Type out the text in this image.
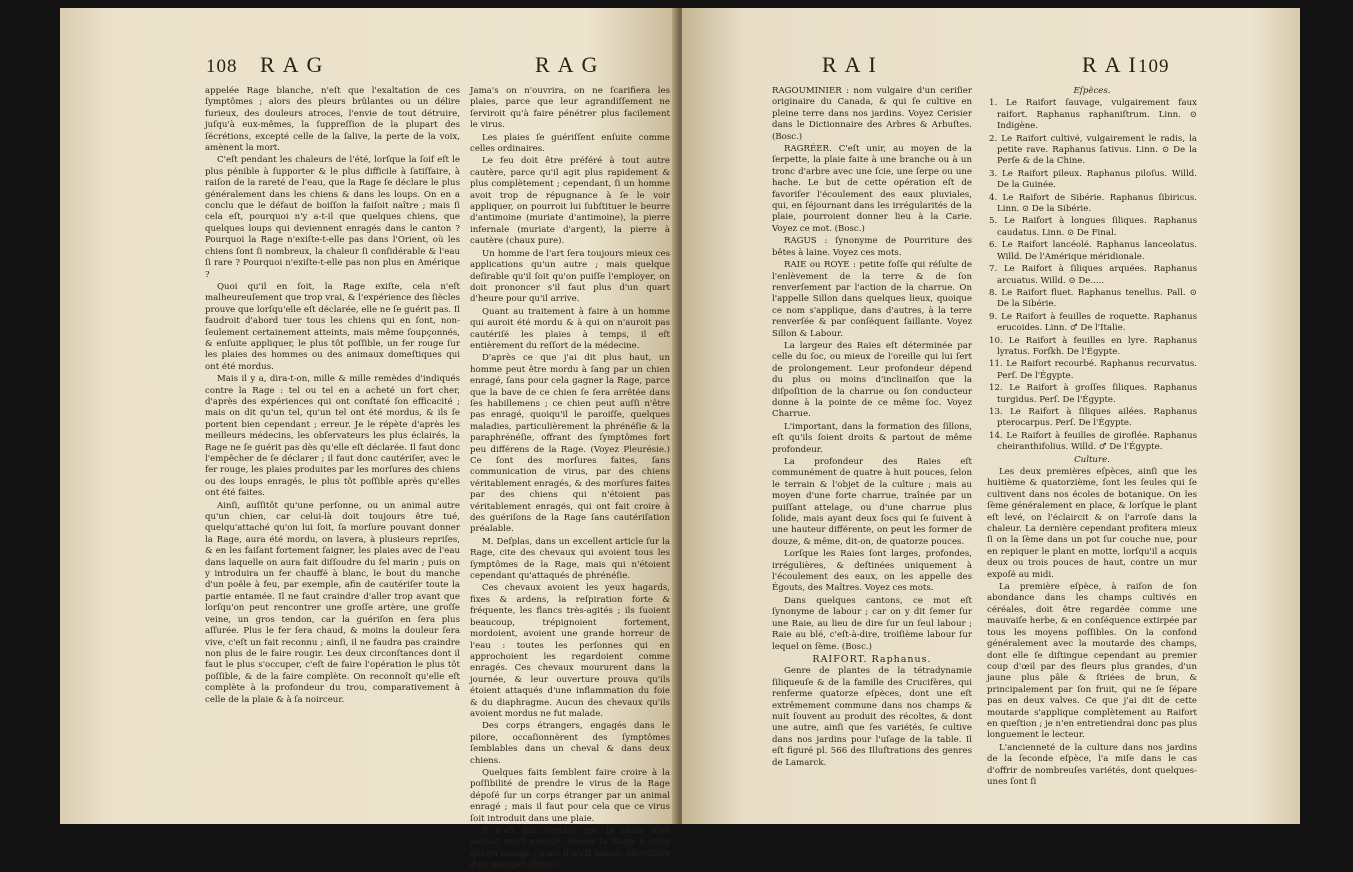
108 RAG	RAG

appelée Rage blanche, n'eſt que l'exaltation de ces ſymptômes ; alors des pleurs brûlantes ou un délire furieux, des douleurs atroces, l'envie de tout détruire, juſqu'à eux-mêmes, la ſuppreſſion de la plupart des ſécrétions, excepté celle de la ſalive, la perte de la voix, amènent la mort.

C'eſt pendant les chaleurs de l'été, lorſque la ſoif eſt le plus pénible à ſupporter & le plus difficile à ſatiſfaire, à raiſon de la rareté de l'eau, que la Rage ſe déclare le plus généralement dans les chiens & dans les loups. On en a conclu que le défaut de boiſſon la faiſoit naître ; mais ſi cela eſt, pourquoi n'y a-t-il que quelques chiens, que quelques loups qui deviennent enragés dans le canton ? Pourquoi la Rage n'exiſte-t-elle pas dans l'Orient, où les chiens ſont ſi nombreux, la chaleur ſi conſidérable & l'eau ſi rare ? Pourquoi n'exiſte-t-elle pas non plus en Amérique ?

Quoi qu'il en ſoit, la Rage exiſte, cela n'eſt malheureuſement que trop vrai, & l'expérience des ſiècles prouve que lorſqu'elle eſt déclarée, elle ne ſe guérit pas. Il faudroit d'abord tuer tous les chiens qui en ſont, non-ſeulement certainement atteints, mais même ſoupçonnés, & enſuite appliquer, le plus tôt poſſible, un fer rouge ſur les plaies des hommes ou des animaux domeſtiques qui ont été mordus.

Mais il y a, dira-t-on, mille & mille remèdes d'indiqués contre la Rage : tel ou tel en a acheté un fort cher, d'après des expériences qui ont conſtaté ſon efficacité ; mais on dit qu'un tel, qu'un tel ont été mordus, & ils ſe portent bien cependant ; erreur. Je le répète d'après les meilleurs médecins, les obſervateurs les plus éclairés, la Rage ne ſe guérit pas dès qu'elle eſt déclarée. Il faut donc l'empêcher de ſe déclarer ; il faut donc cautériſer, avec le fer rouge, les plaies produites par les morſures des chiens ou des loups enragés, le plus tôt poſſible après qu'elles ont été faites.

Ainſi, auſſitôt qu'une perſonne, ou un animal autre qu'un chien, car celui-là doit toujours être tué, quelqu'attaché qu'on lui ſoit, ſa morſure pouvant donner la Rage, aura été mordu, on lavera, à plusieurs repriſes, & en les faiſant fortement ſaigner, les plaies avec de l'eau dans laquelle on aura fait diſſoudre du ſel marin ; puis on y introduira un fer chauffé à blanc, le bout du manche d'un poêle à feu, par exemple, afin de cautériſer toute la partie entamée. Il ne faut craindre d'aller trop avant que lorſqu'on peut rencontrer une groſſe artère, une groſſe veine, un gros tendon, car la guériſon en ſera plus aſſurée. Plus le fer ſera chaud, & moins la douleur ſera vive, c'eſt un fait reconnu ; ainſi, il ne faudra pas craindre non plus de le faire rougir. Les deux circonſtances dont il faut le plus s'occuper, c'eſt de faire l'opération le plus tôt poſſible, & de la faire complète. On reconnoît qu'elle eſt complète à la profondeur du trou, comparativement à celle de la plaie & à ſa noirceur.

Jama's on n'ouvrira, on ne ſcarifiera les plaies, parce que leur agrandiſſement ne ſerviroit qu'à faire pénétrer plus facilement le virus.

Les plaies ſe guériſſent enſuite comme celles ordinaires.

Le feu doit être préféré à tout autre cautère, parce qu'il agit plus rapidement & plus complètement ; cependant, ſi un homme avoit trop de répugnance à ſe le voir appliquer, on pourroit lui ſubſtituer le beurre d'antimoine (muriate d'antimoine), la pierre infernale (muriate d'argent), la pierre à cautère (chaux pure).

Un homme de l'art ſera toujours mieux ces applications qu'un autre ; mais quelque deſirable qu'il ſoit qu'on puiſſe l'employer, on doit prononcer s'il faut plus d'un quart d'heure pour qu'il arrive.

Quant au traitement à faire à un homme qui auroit été mordu & à qui on n'auroit pas cautériſé les plaies à temps, il eſt entièrement du reſſort de la médecine.

D'après ce que j'ai dit plus haut, un homme peut être mordu à ſang par un chien enragé, ſans pour cela gagner la Rage, parce que la bave de ce chien ſe ſera arrêtée dans ſes habillemens ; ce chien peut auſſi n'être pas enragé, quoiqu'il le paroiſſe, quelques maladies, particulièrement la phrénéſie & la paraphrénéſie, offrant des ſymptômes fort peu différens de la Rage. (Voyez Pleurésie.) Ce ſont des morſures faites, ſans communication de virus, par des chiens véritablement enragés, & des morſures faites par des chiens qui n'étoient pas véritablement enragés, qui ont fait croire à des guériſons de la Rage ſans cautériſation préalable.

M. Deſplas, dans un excellent article ſur la Rage, cite des chevaux qui avoient tous les ſymptômes de la Rage, mais qui n'étoient cependant qu'attaqués de phrénéſie.

Ces chevaux avoient les yeux hagards, fixes & ardens, la reſpiration forte & fréquente, les flancs très-agités ; ils ſuoient beaucoup, trépignoient fortement, mordoient, avoient une grande horreur de l'eau : toutes les perſonnes qui en approchoient les regardoient comme enragés. Ces chevaux moururent dans la journée, & leur ouverture prouva qu'ils étoient attaqués d'une inflammation du foie & du diaphragme. Aucun des chevaux qu'ils avoient mordus ne fut malade.

Des corps étrangers, engagés dans le pilore, occaſionnèrent des ſymptômes ſemblables dans un cheval & dans deux chiens.

Quelques faits ſemblent faire croire à la poſſibilité de prendre le virus de la Rage dépoſé ſur un corps étranger par un animal enragé ; mais il faut pour cela que ce virus ſoit introduit dans une plaie.

Il n'eſt pas certain que la chair d'un animal mort enragé, donne la Rage à celui qui en mange ; mais il n'eſt jamais néceſſaire d'en manger. (Bosc.)

RAI	RAI
109

RAGOUMINIER : nom vulgaire d'un ceriſier originaire du Canada, & qui ſe cultive en pleine terre dans nos jardins. Voyez Cerisier dans le Dictionnaire des Arbres & Arbuſtes. (Bosc.)

RAGRÉER. C'eſt unir, au moyen de la ſerpette, la plaie faite à une branche ou à un tronc d'arbre avec une ſcie, une ſerpe ou une hache. Le but de cette opération eſt de favoriſer l'écoulement des eaux pluviales, qui, en ſéjournant dans les irrégularités de la plaie, pourroient donner lieu à la Carie. Voyez ce mot. (Bosc.)

RAGUS : ſynonyme de Pourriture des bêtes à laine. Voyez ces mots.

RAIE ou ROYE : petite foſſe qui réſulte de l'enlèvement de la terre & de ſon renverſement par l'action de la charrue. On l'appelle Sillon dans quelques lieux, quoique ce nom s'applique, dans d'autres, à la terre renverſée & par conſéquent ſaillante. Voyez Sillon & Labour.

La largeur des Raies eſt déterminée par celle du ſoc, ou mieux de l'oreille qui lui ſert de prolongement. Leur profondeur dépend du plus ou moins d'inclinaiſon que la diſpoſition de la charrue ou ſon conducteur donne à la pointe de ce même ſoc. Voyez Charrue.

L'important, dans la formation des ſillons, eſt qu'ils ſoient droits & partout de même profondeur.

La profondeur des Raies eſt communément de quatre à huit pouces, ſelon le terrain & l'objet de la culture ; mais au moyen d'une forte charrue, traînée par un puiſſant attelage, ou d'une charrue plus ſolide, mais ayant deux ſocs qui ſe ſuivent à une hauteur différente, on peut les former de douze, & même, dit-on, de quatorze pouces.

Lorſque les Raies ſont larges, profondes, irrégulières, & deſtinées uniquement à l'écoulement des eaux, on les appelle des Égouts, des Maîtres. Voyez ces mots.

Dans quelques cantons, ce mot eſt ſynonyme de labour ; car on y dit ſemer ſur une Raie, au lieu de dire ſur un ſeul labour ; Raie au blé, c'eſt-à-dire, troiſième labour ſur lequel on ſème. (Bosc.)

RAIFORT. Raphanus.

Genre de plantes de la tétradynamie ſiliqueuſe & de la famille des Crucifères, qui renferme quatorze eſpèces, dont une eſt extrêmement commune dans nos champs & nuit ſouvent au produit des récoltes, & dont une autre, ainſi que ſes variétés, ſe cultive dans nos jardins pour l'uſage de la table. Il eſt figuré pl. 566 des Illuſtrations des genres de Lamarck.

Eſpèces.

1. Le Raifort ſauvage, vulgairement faux raifort. Raphanus raphaniſtrum. Linn. ⊙ Indigène.

2. Le Raifort cultivé, vulgairement le radis, la petite rave. Raphanus ſativus. Linn. ⊙ De la Perſe & de la Chine.

3. Le Raifort pileux. Raphanus piloſus. Willd. De la Guinée.

4. Le Raifort de Sibérie. Raphanus ſibiricus. Linn. ⊙ De la Sibérie.

5. Le Raifort à longues ſiliques. Raphanus caudatus. Linn. ⊙ De Final.

6. Le Raifort lancéolé. Raphanus lanceolatus. Willd. De l'Amérique méridionale.

7. Le Raifort à ſiliques arquées. Raphanus arcuatus. Willd. ⊙ De.....

8. Le Raifort fluet. Raphanus tenellus. Pall. ⊙ De la Sibérie.

9. Le Raifort à feuilles de roquette. Raphanus erucoides. Linn. ♂ De l'Italie.

10. Le Raifort à feuilles en lyre. Raphanus lyratus. Forſkh. De l'Égypte.

11. Le Raifort recourbé. Raphanus recurvatus. Perſ. De l'Égypte.

12. Le Raifort à groſſes ſiliques. Raphanus turgidus. Perſ. De l'Égypte.

13. Le Raifort à ſiliques ailées. Raphanus pterocarpus. Perſ. De l'Égypte.

14. Le Raifort à feuilles de giroflée. Raphanus cheiranthifolius. Willd. ♂ De l'Égypte.

Culture.

Les deux premières eſpèces, ainſi que les huitième & quatorzième, ſont les ſeules qui ſe cultivent dans nos écoles de botanique. On les ſème généralement en place, & lorſque le plant eſt levé, on l'éclaircit & on l'arroſe dans la chaleur. La dernière cependant profitera mieux ſi on la ſème dans un pot ſur couche nue, pour en repiquer le plant en motte, lorſqu'il a acquis deux ou trois pouces de haut, contre un mur expoſé au midi.

La première eſpèce, à raiſon de ſon abondance dans les champs cultivés en céréales, doit être regardée comme une mauvaiſe herbe, & en conſéquence extirpée par tous les moyens poſſibles. On la confond généralement avec la moutarde des champs, dont elle ſe diſtingue cependant au premier coup d'œil par des fleurs plus grandes, d'un jaune plus pâle & ſtriées de brun, & principalement par ſon fruit, qui ne ſe ſépare pas en deux valves. Ce que j'ai dit de cette moutarde s'applique complètement au Raifort en queſtion ; je n'en entretiendrai donc pas plus longuement le lecteur.

L'ancienneté de la culture dans nos jardins de la ſeconde eſpèce, l'a miſe dans le cas d'offrir de nombreuſes variétés, dont quelques-unes ſont ſi
